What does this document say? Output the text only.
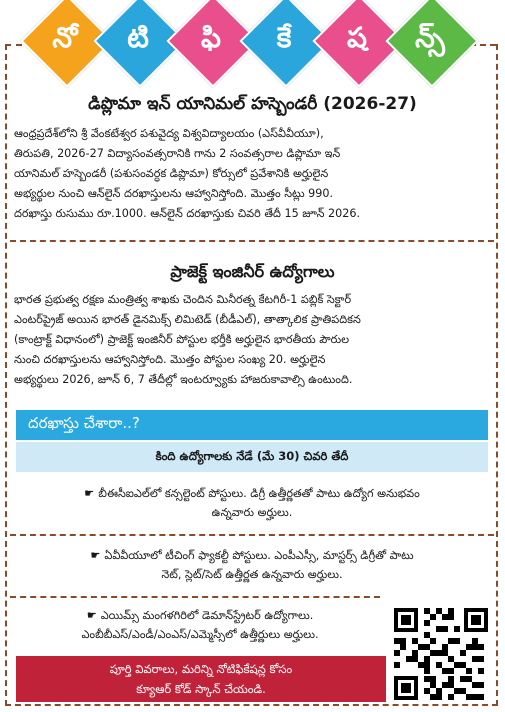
నో	టి	ఫి	కే	ష	న్స్
డిప్లొమా ఇన్ యానిమల్ హస్బెండరీ (2026-27)
ఆంధ్రప్రదేశ్‌లోని శ్రీ వేంకటేశ్వర పశువైద్య విశ్వవిద్యాలయం (ఎస్‌వీవీయూ),
తిరుపతి, 2026-27 విద్యాసంవత్సరానికి గాను 2 సంవత్సరాల డిప్లొమా ఇన్
యానిమల్ హస్బెండరీ (పశుసంవర్ధక డిప్లొమా) కోర్సులో ప్రవేశానికి అర్హులైన
అభ్యర్థుల నుంచి ఆన్‌లైన్ దరఖాస్తులను ఆహ్వానిస్తోంది. మొత్తం సీట్లు 990.
దరఖాస్తు రుసుము రూ.1000. ఆన్‌లైన్ దరఖాస్తుకు చివరి తేదీ 15 జూన్ 2026.
ప్రాజెక్ట్ ఇంజినీర్ ఉద్యోగాలు
భారత ప్రభుత్వ రక్షణ మంత్రిత్వ శాఖకు చెందిన మినీరత్న కేటగిరీ-1 పబ్లిక్ సెక్టార్
ఎంటర్‌ప్రైజ్ అయిన భారత్ డైనమిక్స్ లిమిటెడ్ (బీడీఎల్), తాత్కాలిక ప్రాతిపదికన
(కాంట్రాక్ట్ విధానంలో) ప్రాజెక్ట్ ఇంజినీర్ పోస్టుల భర్తీకి అర్హులైన భారతీయ పౌరుల
నుంచి దరఖాస్తులను ఆహ్వానిస్తోంది. మొత్తం పోస్టుల సంఖ్య 20. అర్హులైన
అభ్యర్థులు 2026, జూన్ 6, 7 తేదీల్లో ఇంటర్వ్యూకు హాజరుకావాల్సి ఉంటుంది.
దరఖాస్తు చేశారా..?
కింది ఉద్యోగాలకు నేడే (మే 30) చివరి తేదీ
☛ బీఈసీఐఎల్‌లో కన్సల్టెంట్ పోస్టులు. డిగ్రీ ఉత్తీర్ణతతో పాటు ఉద్యోగ అనుభవం
ఉన్నవారు అర్హులు.
☛ ఏవీవీయూలో టీచింగ్ ఫ్యాకల్టీ పోస్టులు. ఎంపీఎస్సీ, మాస్టర్స్ డిగ్రీతో పాటు
నెట్, స్లెట్/సెట్ ఉత్తీర్ణత ఉన్నవారు అర్హులు.
☛ ఎయిమ్స్ మంగళగిరిలో డెమాన్‌స్ట్రేటర్ ఉద్యోగాలు.
ఎంబీబీఎస్/ఎండీ/ఎంఎస్/ఎమ్మెస్సీలో ఉత్తీర్ణులు అర్హులు.
పూర్తి వివరాలు, మరిన్ని నోటిఫికేషన్ల కోసం
క్యూఆర్ కోడ్ స్కాన్ చేయండి.
